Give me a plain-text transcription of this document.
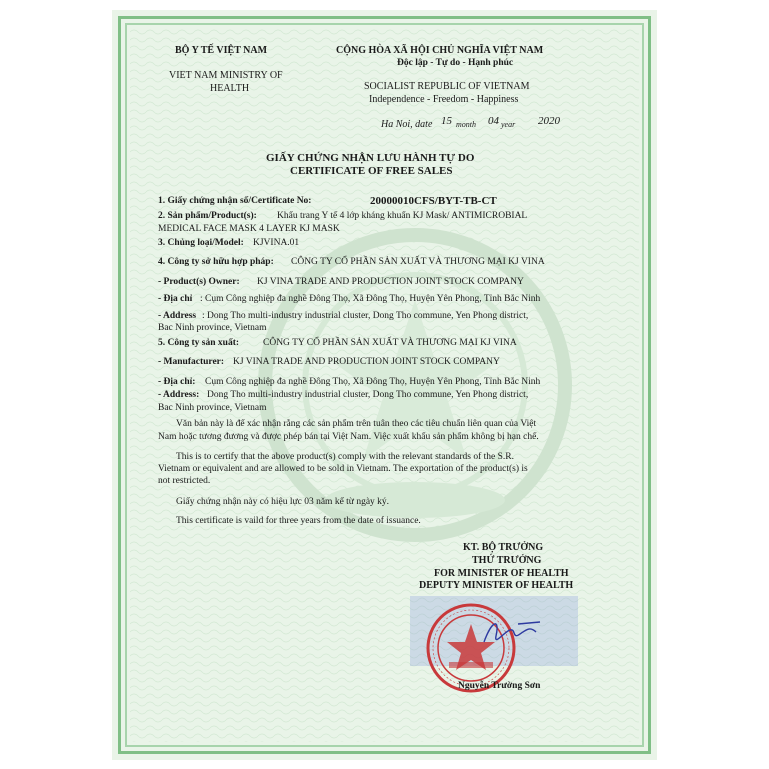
BỘ Y TẾ VIỆT NAM
VIET NAM MINISTRY OF
HEALTH
CỘNG HÒA XÃ HỘI CHỦ NGHĨA VIỆT NAM
Độc lập - Tự do - Hạnh phúc
SOCIALIST REPUBLIC OF VIETNAM
Independence - Freedom - Happiness
Ha Noi, date 15 month 04 year 2020
GIẤY CHỨNG NHẬN LƯU HÀNH TỰ DO
CERTIFICATE OF FREE SALES
1. Giấy chứng nhận số/Certificate No:	20000010CFS/BYT-TB-CT
2. Sản phẩm/Product(s): Khẩu trang Y tế 4 lớp kháng khuẩn KJ Mask/ ANTIMICROBIAL
MEDICAL FACE MASK 4 LAYER KJ MASK
3. Chủng loại/Model: KJVINA.01
4. Công ty sở hữu hợp pháp: CÔNG TY CỔ PHẦN SẢN XUẤT VÀ THƯƠNG MẠI KJ VINA
- Product(s) Owner: KJ VINA TRADE AND PRODUCTION JOINT STOCK COMPANY
- Địa chỉ : Cụm Công nghiệp đa nghề Đông Thọ, Xã Đông Thọ, Huyện Yên Phong, Tỉnh Bắc Ninh
- Address : Dong Tho multi-industry industrial cluster, Dong Tho commune, Yen Phong district,
Bac Ninh province, Vietnam
5. Công ty sản xuất:	CÔNG TY CỔ PHẦN SẢN XUẤT VÀ THƯƠNG MẠI KJ VINA
- Manufacturer: KJ VINA TRADE AND PRODUCTION JOINT STOCK COMPANY
- Địa chỉ: Cụm Công nghiệp đa nghề Đông Thọ, Xã Đông Thọ, Huyện Yên Phong, Tỉnh Bắc Ninh
- Address: Dong Tho multi-industry industrial cluster, Dong Tho commune, Yen Phong district,
Bac Ninh province, Vietnam
Văn bản này là để xác nhận rằng các sản phẩm trên tuân theo các tiêu chuẩn liên quan của Việt
Nam hoặc tương đương và được phép bán tại Việt Nam. Việc xuất khẩu sản phẩm không bị hạn chế.
This is to certify that the above product(s) comply with the relevant standards of the S.R.
Vietnam or equivalent and are allowed to be sold in Vietnam. The exportation of the product(s) is
not restricted.
Giấy chứng nhận này có hiệu lực 03 năm kể từ ngày ký.
This certificate is vaild for three years from the date of issuance.
KT. BỘ TRƯỞNG
THỨ TRƯỞNG
FOR MINISTER OF HEALTH
DEPUTY MINISTER OF HEALTH
Nguyễn Trường Sơn
